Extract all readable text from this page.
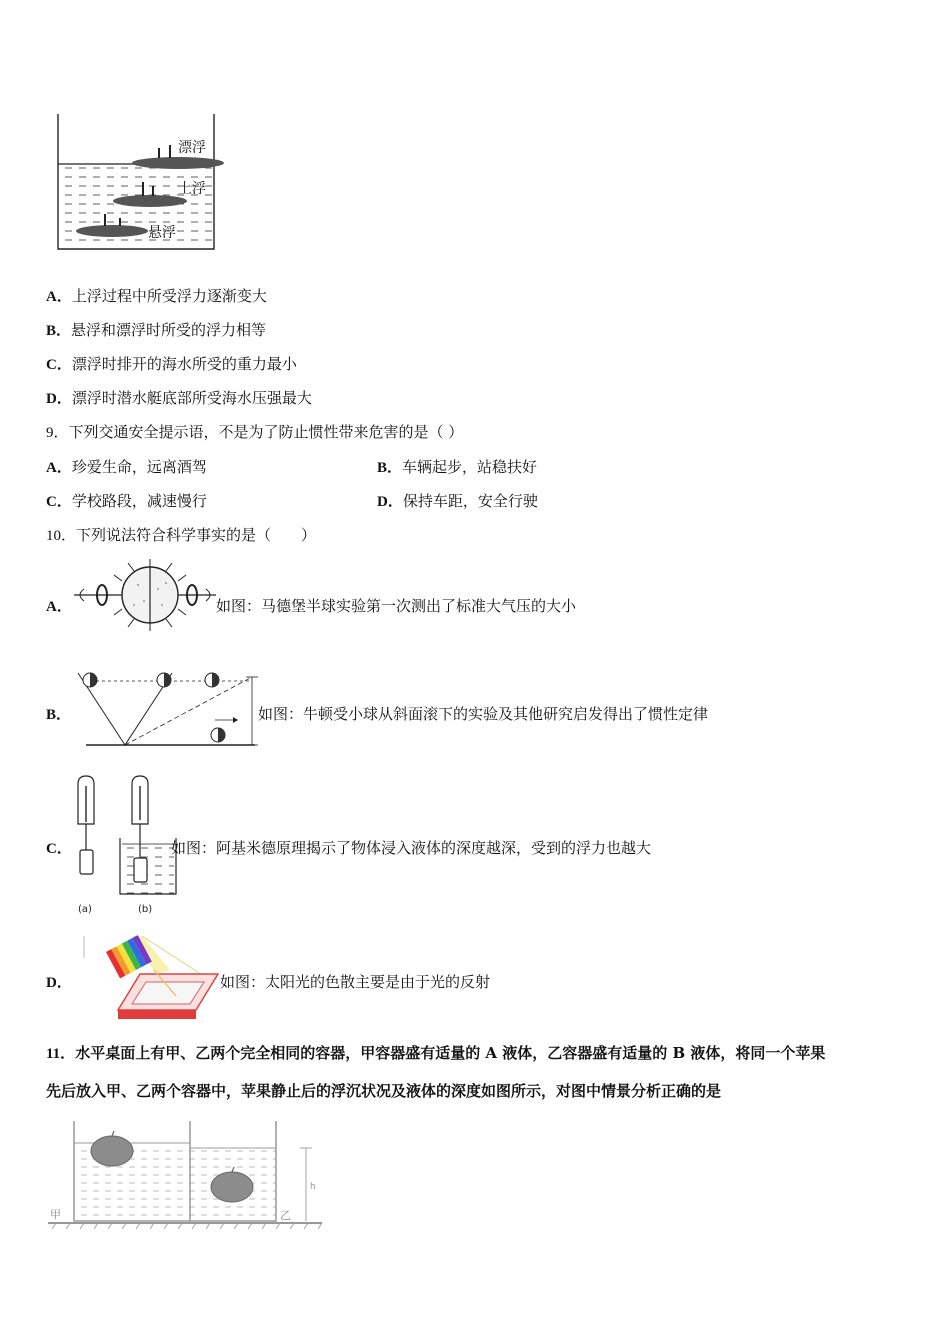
漂浮
上浮
悬浮
A．上浮过程中所受浮力逐渐变大
B．悬浮和漂浮时所受的浮力相等
C．漂浮时排开的海水所受的重力最小
D．漂浮时潜水艇底部所受海水压强最大
9．下列交通安全提示语，不是为了防止惯性带来危害的是（ ）
A．珍爱生命，远离酒驾	B．车辆起步，站稳扶好
C．学校路段，减速慢行	D．保持车距，安全行驶
10．下列说法符合科学事实的是（　　）
A．	如图：马德堡半球实验第一次测出了标准大气压的大小
B．	如图：牛顿受小球从斜面滚下的实验及其他研究启发得出了惯性定律
C．
(a)	(b)
如图：阿基米德原理揭示了物体浸入液体的深度越深，受到的浮力也越大
D．	如图：太阳光的色散主要是由于光的反射
11．水平桌面上有甲、乙两个完全相同的容器，甲容器盛有适量的 A 液体，乙容器盛有适量的 B 液体，将同一个苹果
先后放入甲、乙两个容器中，苹果静止后的浮沉状况及液体的深度如图所示，对图中情景分析正确的是
甲	乙
h
